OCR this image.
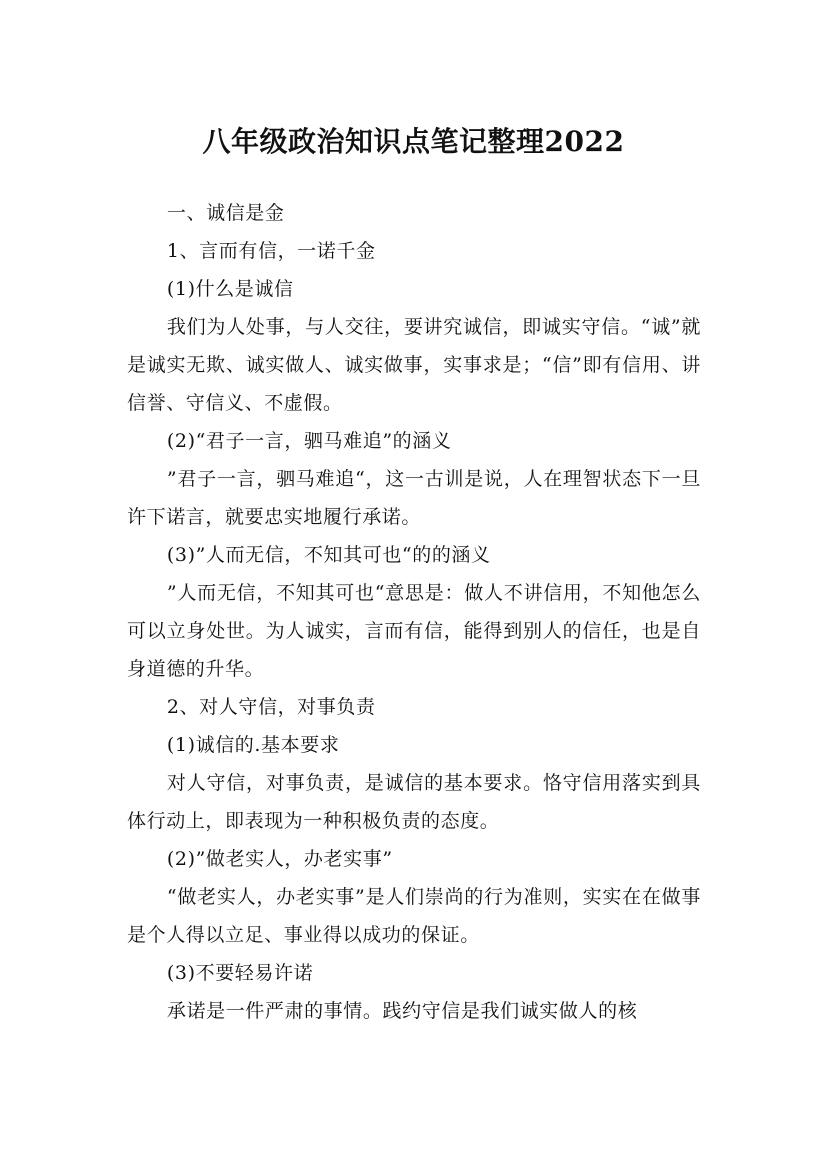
八年级政治知识点笔记整理2022

一、诚信是金

1、言而有信，一诺千金

(1)什么是诚信

我们为人处事，与人交往，要讲究诚信，即诚实守信。“诚”就是诚实无欺、诚实做人、诚实做事，实事求是；“信”即有信用、讲信誉、守信义、不虚假。

(2)“君子一言，驷马难追”的涵义

”君子一言，驷马难追“，这一古训是说，人在理智状态下一旦许下诺言，就要忠实地履行承诺。

(3)”人而无信，不知其可也“的的涵义

”人而无信，不知其可也“意思是：做人不讲信用，不知他怎么可以立身处世。为人诚实，言而有信，能得到别人的信任，也是自身道德的升华。

2、对人守信，对事负责

(1)诚信的.基本要求

对人守信，对事负责，是诚信的基本要求。恪守信用落实到具体行动上，即表现为一种积极负责的态度。

(2)”做老实人，办老实事”

“做老实人，办老实事”是人们崇尚的行为准则，实实在在做事是个人得以立足、事业得以成功的保证。

(3)不要轻易许诺

承诺是一件严肃的事情。践约守信是我们诚实做人的核
